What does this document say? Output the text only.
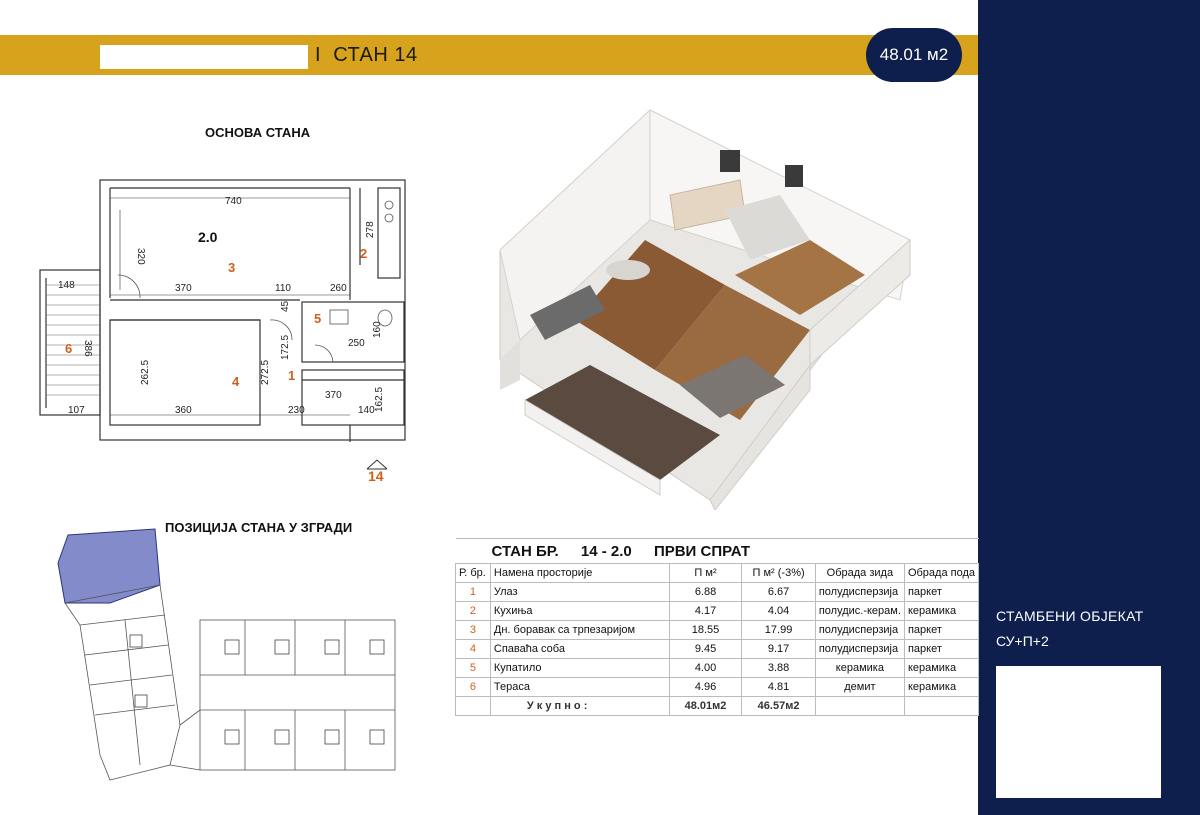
I СТАН 14	48.01 м2
СТАМБЕНИ ОБЈЕКАТ
СУ+П+2
ОСНОВА СТАНА
740
320
278
148	370	110	260
45
160
250
386
262.5	272.5
172.5
370	162.5
107	360	230	140
2.0
1
2
3
4
5
6
14
ПОЗИЦИЈА СТАНА У ЗГРАДИ
СТАН БР. 14 - 2.0 ПРВИ СПРАТ					
Р. бр.	Намена просторије	П м²	П м² (-3%)	Обрада зида	Обрада пода
1	Улаз	6.88	6.67	полудисперзија	паркет
2	Кухиња	4.17	4.04	полудис.-керам.	керамика
3	Дн. боравак са трпезаријом	18.55	17.99	полудисперзија	паркет
4	Спаваћа соба	9.45	9.17	полудисперзија	паркет
5	Купатило	4.00	3.88	керамика	керамика
6	Тераса	4.96	4.81	демит	керамика
	У к у п н о :	48.01м2	46.57м2		
